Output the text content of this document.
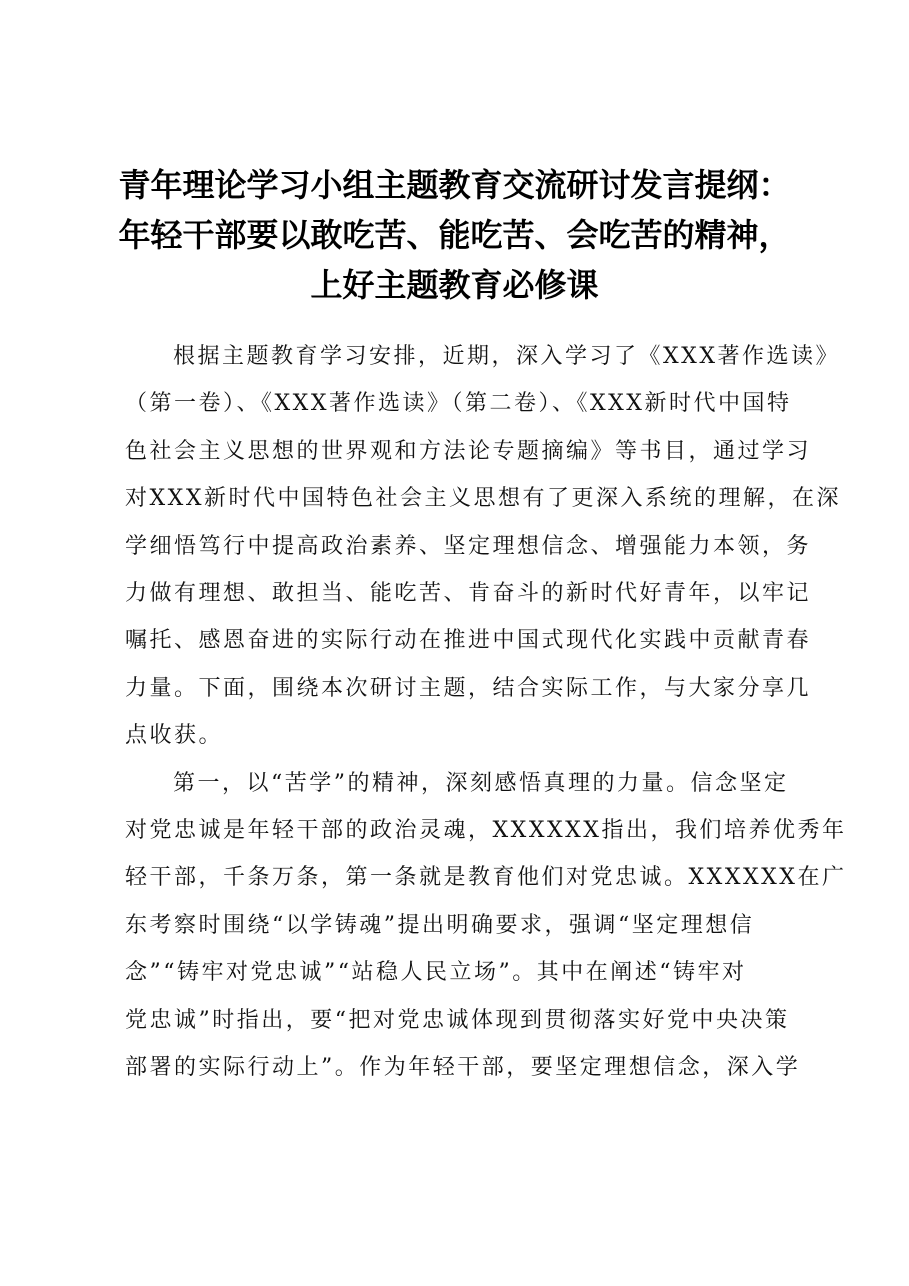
青年理论学习小组主题教育交流研讨发言提纲：
年轻干部要以敢吃苦、能吃苦、会吃苦的精神，
上好主题教育必修课

根据主题教育学习安排，近期，深入学习了《XXX著作选读》
（第一卷）、《XXX著作选读》（第二卷）、《XXX新时代中国特
色社会主义思想的世界观和方法论专题摘编》等书目，通过学习
对XXX新时代中国特色社会主义思想有了更深入系统的理解，在深
学细悟笃行中提高政治素养、坚定理想信念、增强能力本领，务
力做有理想、敢担当、能吃苦、肯奋斗的新时代好青年，以牢记
嘱托、感恩奋进的实际行动在推进中国式现代化实践中贡献青春
力量。下面，围绕本次研讨主题，结合实际工作，与大家分享几
点收获。

第一，以“苦学”的精神，深刻感悟真理的力量。信念坚定
对党忠诚是年轻干部的政治灵魂，XXXXXX指出，我们培养优秀年
轻干部，千条万条，第一条就是教育他们对党忠诚。XXXXXX在广
东考察时围绕“以学铸魂”提出明确要求，强调“坚定理想信
念”“铸牢对党忠诚”“站稳人民立场”。其中在阐述“铸牢对
党忠诚”时指出，要“把对党忠诚体现到贯彻落实好党中央决策
部署的实际行动上”。作为年轻干部，要坚定理想信念，深入学
